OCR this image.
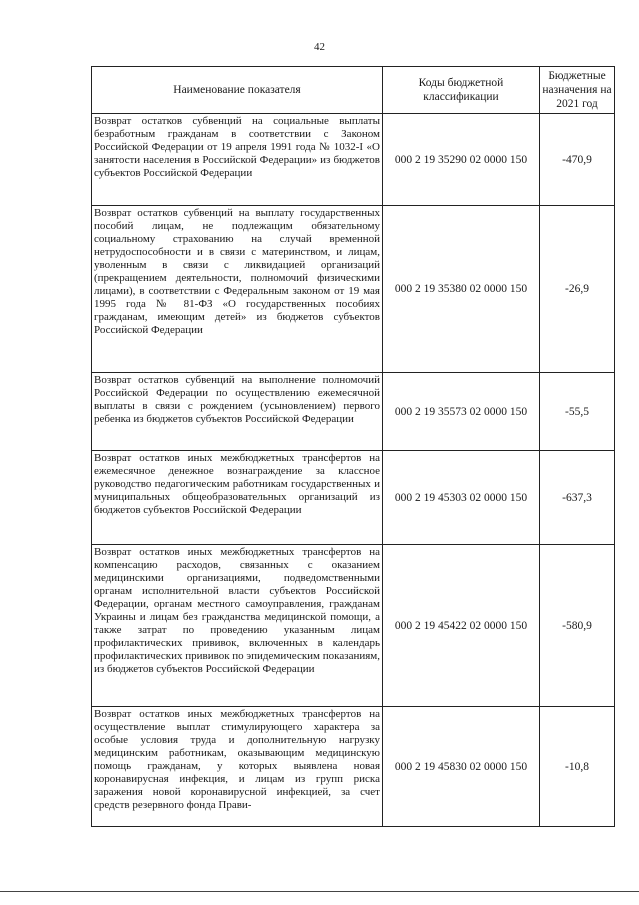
42
Наименование показателя	Коды бюджетной классификации	Бюджетные назначения на 2021 год
Возврат остатков субвенций на социальные выплаты безработным гражданам в соответствии с Законом Российской Федерации от 19 апреля 1991 года № 1032-I «О занятости населения в Российской Федерации» из бюджетов субъектов Российской Федерации	000 2 19 35290 02 0000 150	-470,9
Возврат остатков субвенций на выплату государственных пособий лицам, не подлежащим обязательному социальному страхованию на случай временной нетрудоспособности и в связи с материнством, и лицам, уволенным в связи с ликвидацией организаций (прекращением деятельности, полномочий физическими лицами), в соответствии с Федеральным законом от 19 мая 1995 года № 81-ФЗ «О государственных пособиях гражданам, имеющим детей» из бюджетов субъектов Российской Федерации	000 2 19 35380 02 0000 150	-26,9
Возврат остатков субвенций на выполнение полномочий Российской Федерации по осуществлению ежемесячной выплаты в связи с рождением (усыновлением) первого ребенка из бюджетов субъектов Российской Федерации	000 2 19 35573 02 0000 150	-55,5
Возврат остатков иных межбюджетных трансфертов на ежемесячное денежное вознаграждение за классное руководство педагогическим работникам государственных и муниципальных общеобразовательных организаций из бюджетов субъектов Российской Федерации	000 2 19 45303 02 0000 150	-637,3
Возврат остатков иных межбюджетных трансфертов на компенсацию расходов, связанных с оказанием медицинскими организациями, подведомственными органам исполнительной власти субъектов Российской Федерации, органам местного самоуправления, гражданам Украины и лицам без гражданства медицинской помощи, а также затрат по проведению указанным лицам профилактических прививок, включенных в календарь профилактических прививок по эпидемическим показаниям, из бюджетов субъектов Российской Федерации	000 2 19 45422 02 0000 150	-580,9
Возврат остатков иных межбюджетных трансфертов на осуществление выплат стимулирующего характера за особые условия труда и дополнительную нагрузку медицинским работникам, оказывающим медицинскую помощь гражданам, у которых выявлена новая коронавирусная инфекция, и лицам из групп риска заражения новой коронавирусной инфекцией, за счет средств резервного фонда Прави-	000 2 19 45830 02 0000 150	-10,8
